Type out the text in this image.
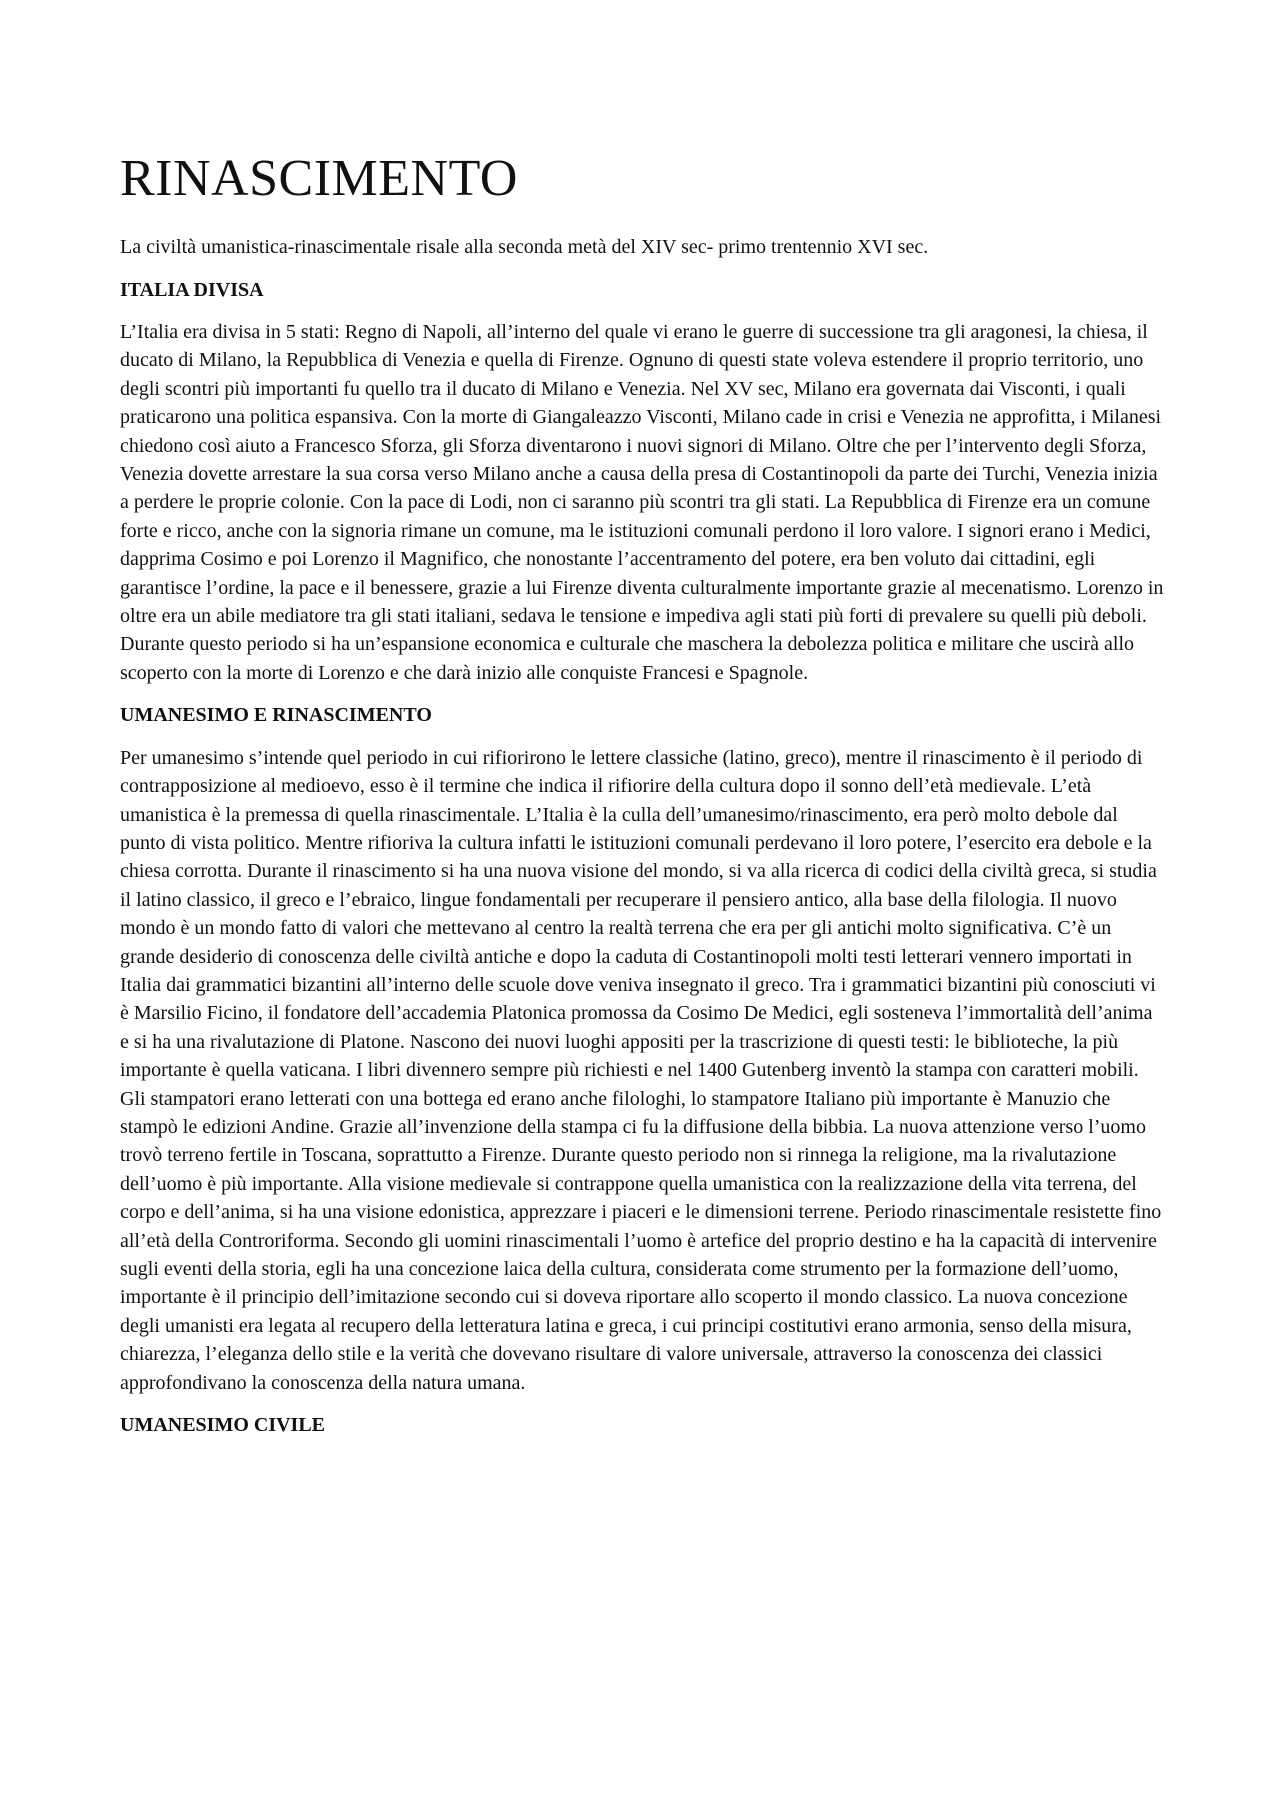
RINASCIMENTO

La civiltà umanistica-rinascimentale risale alla seconda metà del XIV sec- primo trentennio XVI sec.

ITALIA DIVISA

L’Italia era divisa in 5 stati: Regno di Napoli, all’interno del quale vi erano le guerre di successione tra gli aragonesi, la chiesa, il ducato di Milano, la Repubblica di Venezia e quella di Firenze. Ognuno di questi state voleva estendere il proprio territorio, uno degli scontri più importanti fu quello tra il ducato di Milano e Venezia. Nel XV sec, Milano era governata dai Visconti, i quali praticarono una politica espansiva. Con la morte di Giangaleazzo Visconti, Milano cade in crisi e Venezia ne approfitta, i Milanesi chiedono così aiuto a Francesco Sforza, gli Sforza diventarono i nuovi signori di Milano. Oltre che per l’intervento degli Sforza, Venezia dovette arrestare la sua corsa verso Milano anche a causa della presa di Costantinopoli da parte dei Turchi, Venezia inizia a perdere le proprie colonie. Con la pace di Lodi, non ci saranno più scontri tra gli stati. La Repubblica di Firenze era un comune forte e ricco, anche con la signoria rimane un comune, ma le istituzioni comunali perdono il loro valore. I signori erano i Medici, dapprima Cosimo e poi Lorenzo il Magnifico, che nonostante l’accentramento del potere, era ben voluto dai cittadini, egli garantisce l’ordine, la pace e il benessere, grazie a lui Firenze diventa culturalmente importante grazie al mecenatismo. Lorenzo in oltre era un abile mediatore tra gli stati italiani, sedava le tensione e impediva agli stati più forti di prevalere su quelli più deboli. Durante questo periodo si ha un’espansione economica e culturale che maschera la debolezza politica e militare che uscirà allo scoperto con la morte di Lorenzo e che darà inizio alle conquiste Francesi e Spagnole.

UMANESIMO E RINASCIMENTO

Per umanesimo s’intende quel periodo in cui rifiorirono le lettere classiche (latino, greco), mentre il rinascimento è il periodo di contrapposizione al medioevo, esso è il termine che indica il rifiorire della cultura dopo il sonno dell’età medievale. L’età umanistica è la premessa di quella rinascimentale. L’Italia è la culla dell’umanesimo/rinascimento, era però molto debole dal punto di vista politico. Mentre rifioriva la cultura infatti le istituzioni comunali perdevano il loro potere, l’esercito era debole e la chiesa corrotta. Durante il rinascimento si ha una nuova visione del mondo, si va alla ricerca di codici della civiltà greca, si studia il latino classico, il greco e l’ebraico, lingue fondamentali per recuperare il pensiero antico, alla base della filologia. Il nuovo mondo è un mondo fatto di valori che mettevano al centro la realtà terrena che era per gli antichi molto significativa. C’è un grande desiderio di conoscenza delle civiltà antiche e dopo la caduta di Costantinopoli molti testi letterari vennero importati in Italia dai grammatici bizantini all’interno delle scuole dove veniva insegnato il greco. Tra i grammatici bizantini più conosciuti vi è Marsilio Ficino, il fondatore dell’accademia Platonica promossa da Cosimo De Medici, egli sosteneva l’immortalità dell’anima e si ha una rivalutazione di Platone. Nascono dei nuovi luoghi appositi per la trascrizione di questi testi: le biblioteche, la più importante è quella vaticana. I libri divennero sempre più richiesti e nel 1400 Gutenberg inventò la stampa con caratteri mobili. Gli stampatori erano letterati con una bottega ed erano anche filologhi, lo stampatore Italiano più importante è Manuzio che stampò le edizioni Andine. Grazie all’invenzione della stampa ci fu la diffusione della bibbia. La nuova attenzione verso l’uomo trovò terreno fertile in Toscana, soprattutto a Firenze. Durante questo periodo non si rinnega la religione, ma la rivalutazione dell’uomo è più importante. Alla visione medievale si contrappone quella umanistica con la realizzazione della vita terrena, del corpo e dell’anima, si ha una visione edonistica, apprezzare i piaceri e le dimensioni terrene. Periodo rinascimentale resistette fino all’età della Controriforma. Secondo gli uomini rinascimentali l’uomo è artefice del proprio destino e ha la capacità di intervenire sugli eventi della storia, egli ha una concezione laica della cultura, considerata come strumento per la formazione dell’uomo, importante è il principio dell’imitazione secondo cui si doveva riportare allo scoperto il mondo classico. La nuova concezione degli umanisti era legata al recupero della letteratura latina e greca, i cui principi costitutivi erano armonia, senso della misura, chiarezza, l’eleganza dello stile e la verità che dovevano risultare di valore universale, attraverso la conoscenza dei classici approfondivano la conoscenza della natura umana.

UMANESIMO CIVILE
